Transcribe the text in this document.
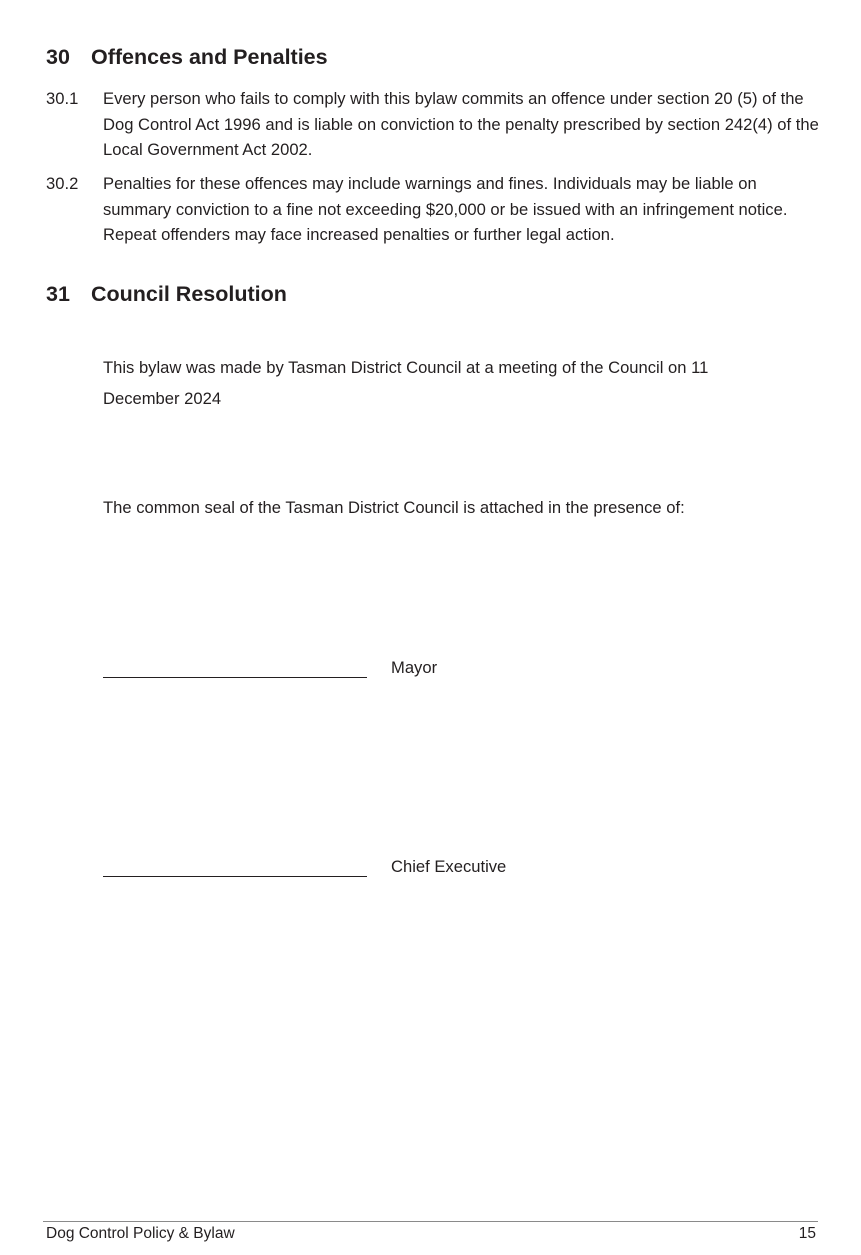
30 Offences and Penalties
30.1 Every person who fails to comply with this bylaw commits an offence under section 20 (5) of the Dog Control Act 1996 and is liable on conviction to the penalty prescribed by section 242(4) of the Local Government Act 2002.
30.2 Penalties for these offences may include warnings and fines. Individuals may be liable on summary conviction to a fine not exceeding $20,000 or be issued with an infringement notice. Repeat offenders may face increased penalties or further legal action.
31 Council Resolution
This bylaw was made by Tasman District Council at a meeting of the Council on 11 December 2024
The common seal of the Tasman District Council is attached in the presence of:
Mayor
Chief Executive
Dog Control Policy & Bylaw	15
